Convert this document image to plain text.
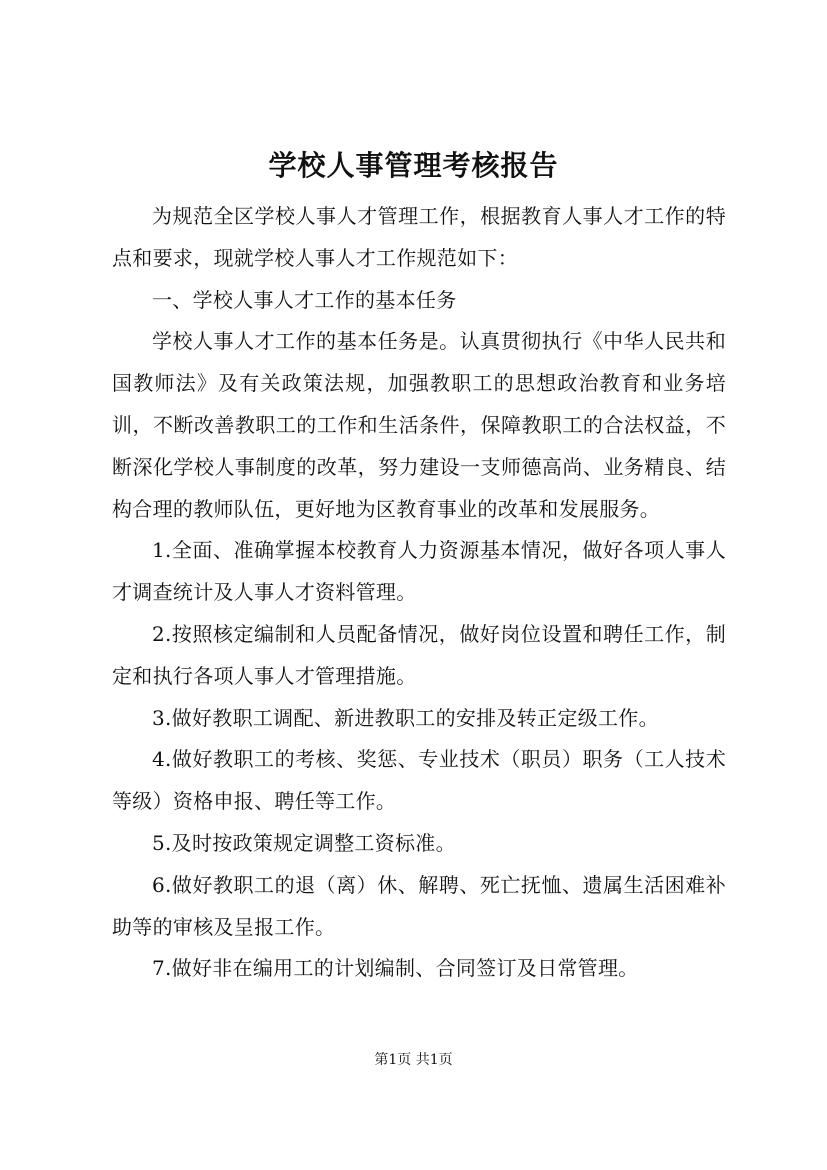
学校人事管理考核报告

为规范全区学校人事人才管理工作，根据教育人事人才工作的特点和要求，现就学校人事人才工作规范如下：

一、学校人事人才工作的基本任务

学校人事人才工作的基本任务是。认真贯彻执行《中华人民共和国教师法》及有关政策法规，加强教职工的思想政治教育和业务培训，不断改善教职工的工作和生活条件，保障教职工的合法权益，不断深化学校人事制度的改革，努力建设一支师德高尚、业务精良、结构合理的教师队伍，更好地为区教育事业的改革和发展服务。

1.全面、准确掌握本校教育人力资源基本情况，做好各项人事人才调查统计及人事人才资料管理。

2.按照核定编制和人员配备情况，做好岗位设置和聘任工作，制定和执行各项人事人才管理措施。

3.做好教职工调配、新进教职工的安排及转正定级工作。

4.做好教职工的考核、奖惩、专业技术（职员）职务（工人技术等级）资格申报、聘任等工作。

5.及时按政策规定调整工资标准。

6.做好教职工的退（离）休、解聘、死亡抚恤、遗属生活困难补助等的审核及呈报工作。

7.做好非在编用工的计划编制、合同签订及日常管理。

第1页 共1页
